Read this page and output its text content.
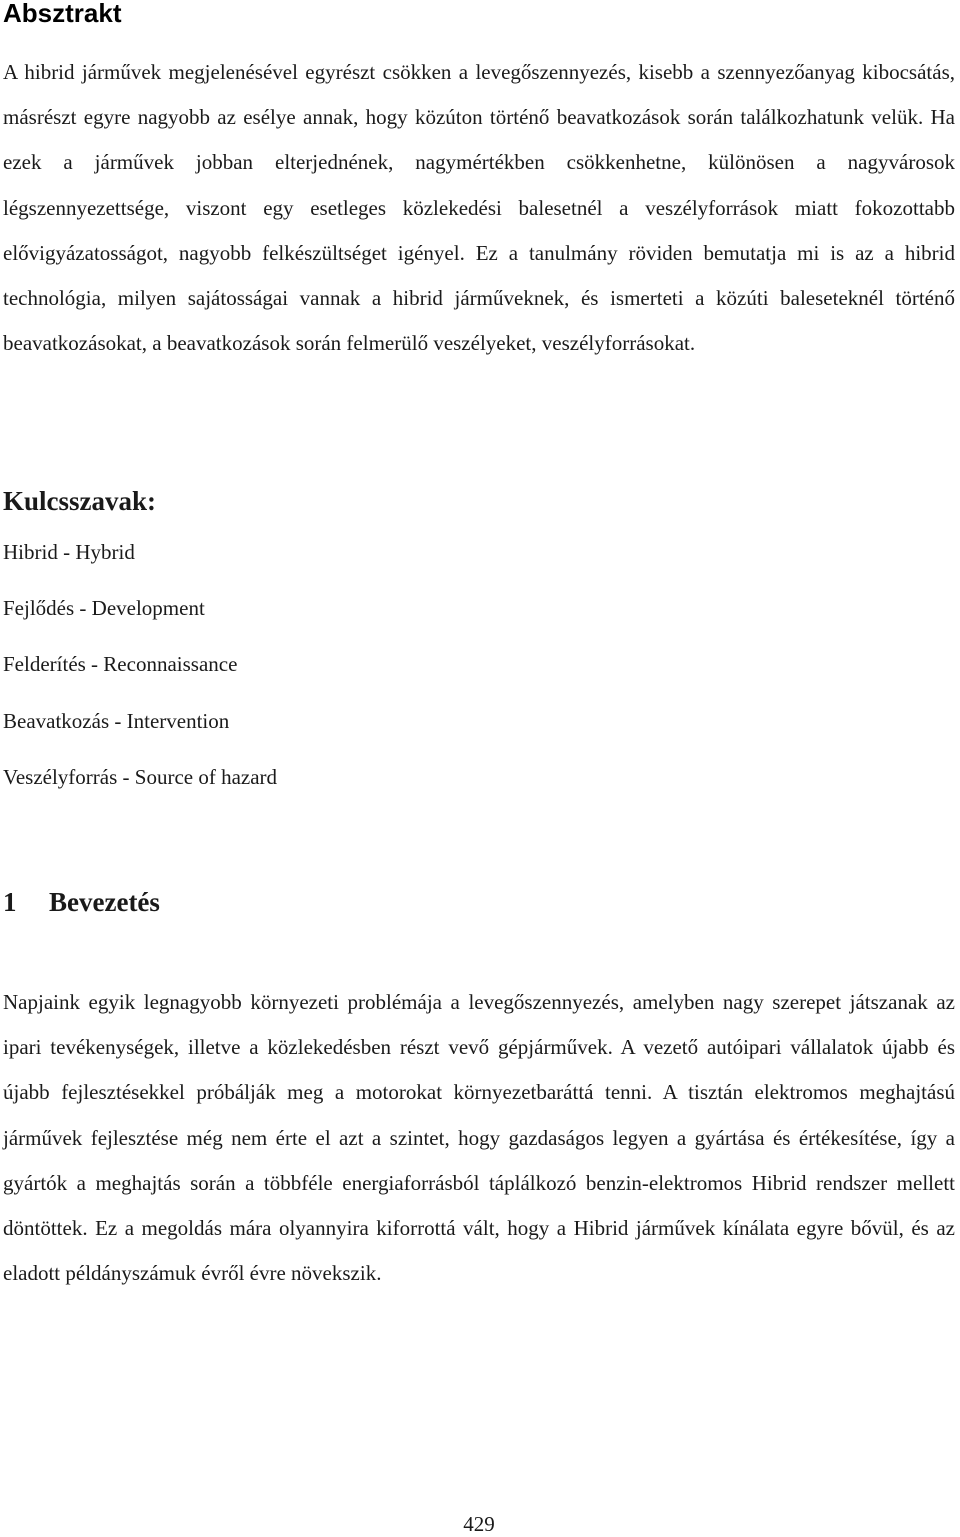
Absztrakt

A hibrid járművek megjelenésével egyrészt csökken a levegőszennyezés, kisebb a szennyezőanyag kibocsátás, másrészt egyre nagyobb az esélye annak, hogy közúton történő beavatkozások során találkozhatunk velük. Ha ezek a járművek jobban elterjednének, nagymértékben csökkenhetne, különösen a nagyvárosok légszennyezettsége, viszont egy esetleges közlekedési balesetnél a veszélyforrások miatt fokozottabb elővigyázatosságot, nagyobb felkészültséget igényel. Ez a tanulmány röviden bemutatja mi is az a hibrid technológia, milyen sajátosságai vannak a hibrid járműveknek, és ismerteti a közúti baleseteknél történő beavatkozásokat, a beavatkozások során felmerülő veszélyeket, veszélyforrásokat.

Kulcsszavak:
Hibrid - Hybrid
Fejlődés - Development
Felderítés - Reconnaissance
Beavatkozás - Intervention
Veszélyforrás - Source of hazard
1 Bevezetés

Napjaink egyik legnagyobb környezeti problémája a levegőszennyezés, amelyben nagy szerepet játszanak az ipari tevékenységek, illetve a közlekedésben részt vevő gépjárművek. A vezető autóipari vállalatok újabb és újabb fejlesztésekkel próbálják meg a motorokat környezetbaráttá tenni. A tisztán elektromos meghajtású járművek fejlesztése még nem érte el azt a szintet, hogy gazdaságos legyen a gyártása és értékesítése, így a gyártók a meghajtás során a többféle energiaforrásból táplálkozó benzin-elektromos Hibrid rendszer mellett döntöttek. Ez a megoldás mára olyannyira kiforrottá vált, hogy a Hibrid járművek kínálata egyre bővül, és az eladott példányszámuk évről évre növekszik.

429
